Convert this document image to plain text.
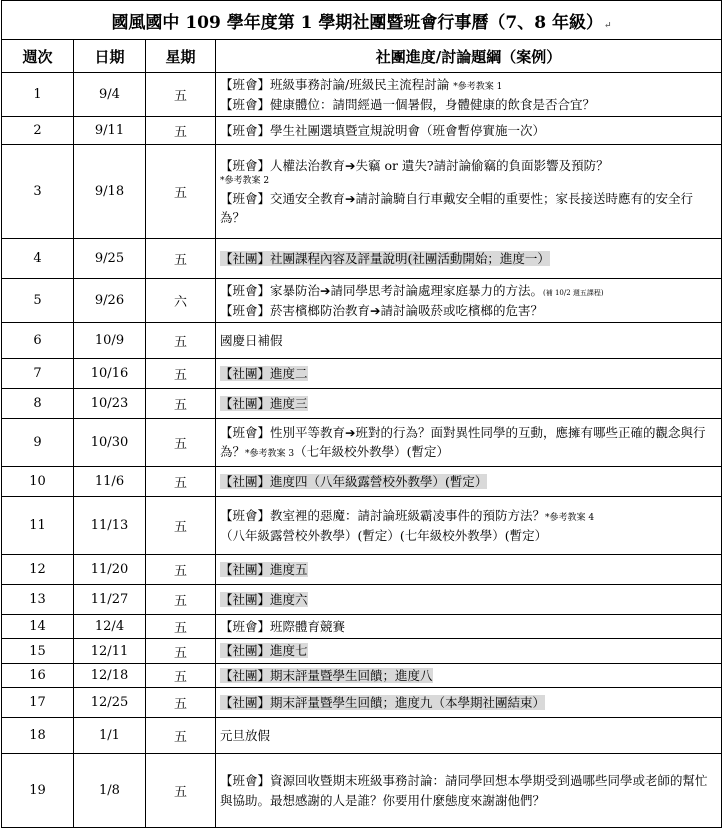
國風國中 109 學年度第 1 學期社團暨班會行事曆（7、8 年級）↵			
週次	日期	星期	社團進度/討論題綱（案例）
1	9/4	五	【班會】班級事務討論/班級民主流程討論 *參考教案 1
【班會】健康體位：請問經過一個暑假，身體健康的飲食是否合宜？

2	9/11	五	【班會】學生社團選填暨宣規說明會（班會暫停實施一次）
3	9/18	五	【班會】人權法治教育➔失竊 or 遺失?請討論偷竊的負面影響及預防？
*參考教案 2
【班會】交通安全教育➔請討論騎自行車戴安全帽的重要性；家長接送時應有的安全行為？

4	9/25	五	【社團】社團課程內容及評量說明(社團活動開始；進度一）
5	9/26	六	【班會】家暴防治➔請同學思考討論處理家庭暴力的方法。(補 10/2 週五課程)
【班會】菸害檳榔防治教育➔請討論吸菸或吃檳榔的危害？

6	10/9	五	國慶日補假
7	10/16	五	【社團】進度二
8	10/23	五	【社團】進度三
9	10/30	五	【班會】性別平等教育➔班對的行為？面對異性同學的互動，應擁有哪些正確的觀念與行為？*參考教案 3（七年級校外教學）(暫定）
10	11/6	五	【社團】進度四（八年級露營校外教學）(暫定）
11	11/13	五	【班會】教室裡的惡魔：請討論班級霸凌事件的預防方法？*參考教案 4
（八年級露營校外教學）(暫定）(七年級校外教學）(暫定）

12	11/20	五	【社團】進度五
13	11/27	五	【社團】進度六
14	12/4	五	【班會】班際體育競賽
15	12/11	五	【社團】進度七
16	12/18	五	【社團】期末評量暨學生回饋；進度八
17	12/25	五	【社團】期末評量暨學生回饋；進度九（本學期社團結束）
18	1/1	五	元旦放假
19	1/8	五	【班會】資源回收暨期末班級事務討論：請同學回想本學期受到過哪些同學或老師的幫忙與協助。最想感謝的人是誰？你要用什麼態度來謝謝他們？
